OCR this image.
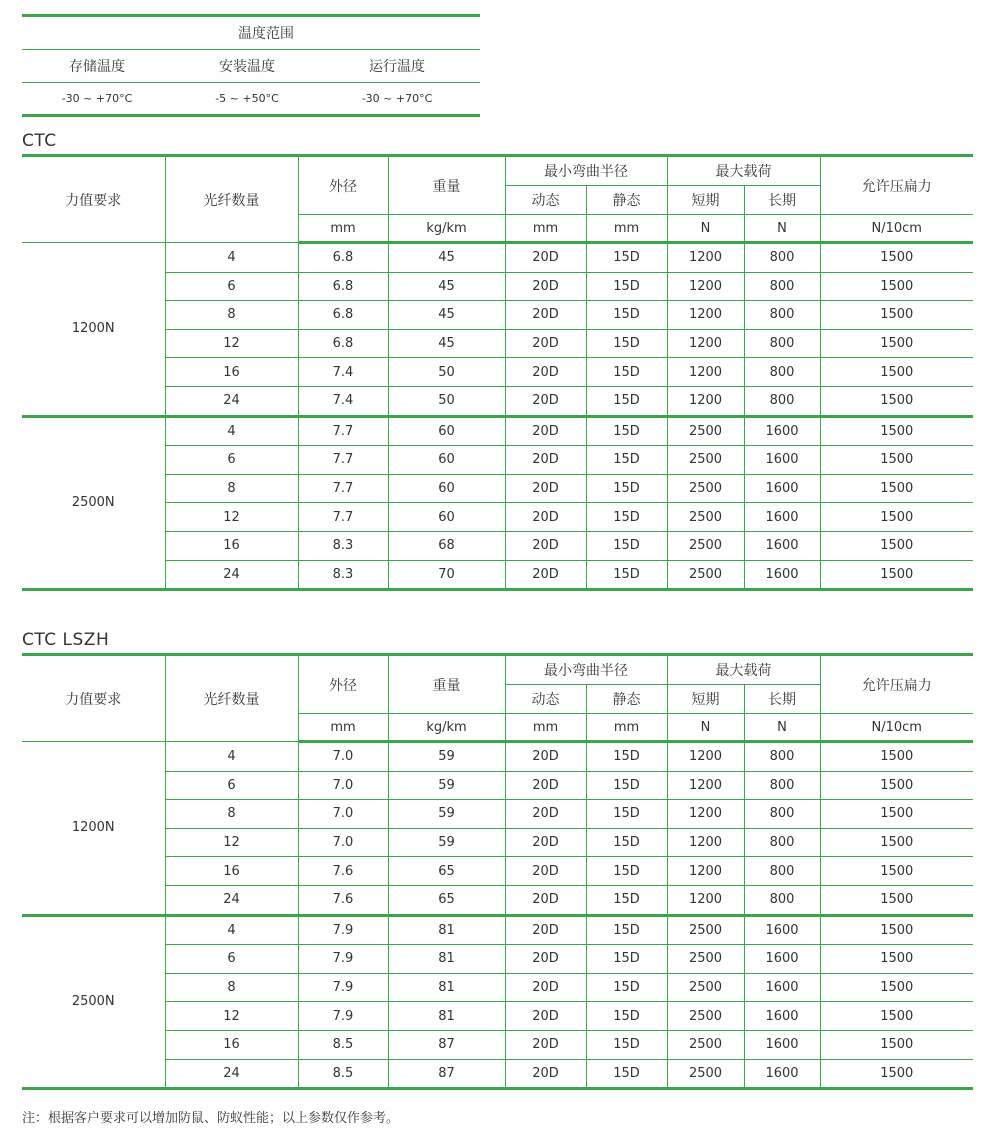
温度范围
存储温度	安装温度	运行温度
-30 ~ +70°C	-5 ~ +50°C	-30 ~ +70°C
CTC
力值要求	光纤数量	外径	重量	最小弯曲半径		最大载荷		允许压扁力
				动态	静态	短期	长期	
		mm	kg/km	mm	mm	N	N	N/10cm
1200N	4	6.8	45	20D	15D	1200	800	1500
	6	6.8	45	20D	15D	1200	800	1500
	8	6.8	45	20D	15D	1200	800	1500
	12	6.8	45	20D	15D	1200	800	1500
	16	7.4	50	20D	15D	1200	800	1500
	24	7.4	50	20D	15D	1200	800	1500
2500N	4	7.7	60	20D	15D	2500	1600	1500
	6	7.7	60	20D	15D	2500	1600	1500
	8	7.7	60	20D	15D	2500	1600	1500
	12	7.7	60	20D	15D	2500	1600	1500
	16	8.3	68	20D	15D	2500	1600	1500
	24	8.3	70	20D	15D	2500	1600	1500
CTC LSZH
力值要求	光纤数量	外径	重量	最小弯曲半径		最大载荷		允许压扁力
				动态	静态	短期	长期	
		mm	kg/km	mm	mm	N	N	N/10cm
1200N	4	7.0	59	20D	15D	1200	800	1500
	6	7.0	59	20D	15D	1200	800	1500
	8	7.0	59	20D	15D	1200	800	1500
	12	7.0	59	20D	15D	1200	800	1500
	16	7.6	65	20D	15D	1200	800	1500
	24	7.6	65	20D	15D	1200	800	1500
2500N	4	7.9	81	20D	15D	2500	1600	1500
	6	7.9	81	20D	15D	2500	1600	1500
	8	7.9	81	20D	15D	2500	1600	1500
	12	7.9	81	20D	15D	2500	1600	1500
	16	8.5	87	20D	15D	2500	1600	1500
	24	8.5	87	20D	15D	2500	1600	1500
注：根据客户要求可以增加防鼠、防蚁性能；以上参数仅作参考。
